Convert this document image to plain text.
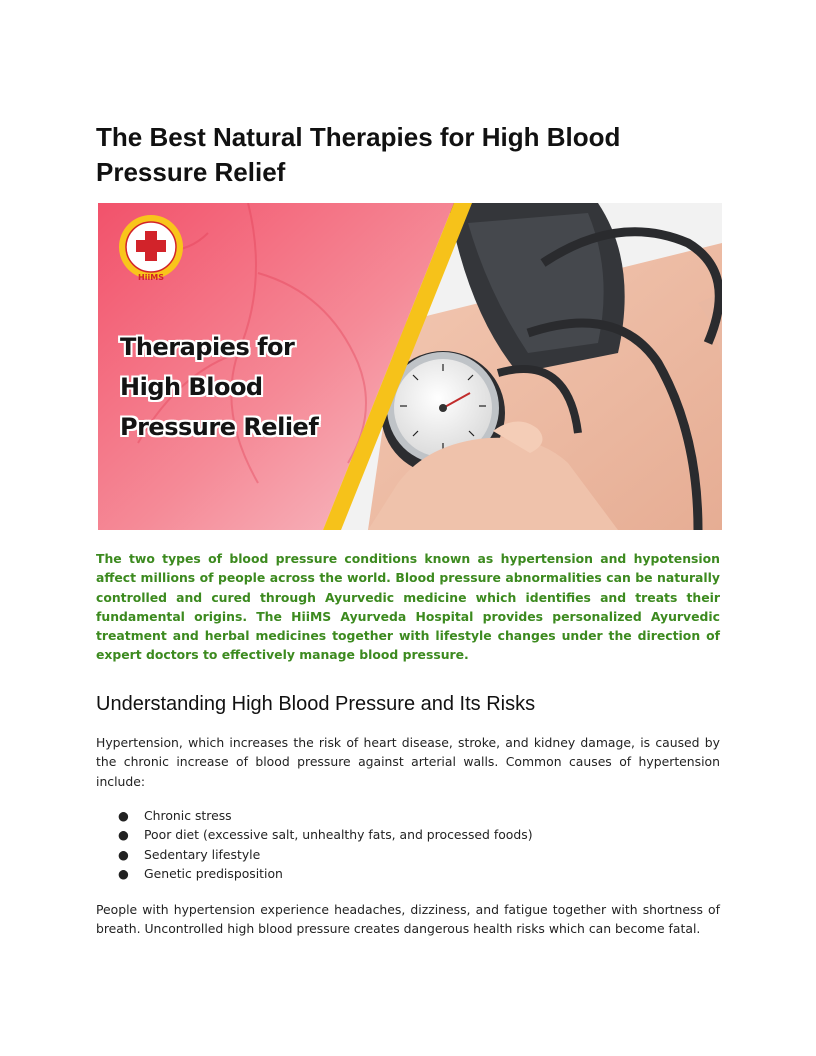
The Best Natural Therapies for High Blood Pressure Relief
HiiMS
Therapies for
High Blood
Pressure Relief

The two types of blood pressure conditions known as hypertension and hypotension affect millions of people across the world. Blood pressure abnormalities can be naturally controlled and cured through Ayurvedic medicine which identifies and treats their fundamental origins. The HiiMS Ayurveda Hospital provides personalized Ayurvedic treatment and herbal medicines together with lifestyle changes under the direction of expert doctors to effectively manage blood pressure.

Understanding High Blood Pressure and Its Risks

Hypertension, which increases the risk of heart disease, stroke, and kidney damage, is caused by the chronic increase of blood pressure against arterial walls. Common causes of hypertension include:

● Chronic stress
● Poor diet (excessive salt, unhealthy fats, and processed foods)
● Sedentary lifestyle
● Genetic predisposition

People with hypertension experience headaches, dizziness, and fatigue together with shortness of breath. Uncontrolled high blood pressure creates dangerous health risks which can become fatal.
